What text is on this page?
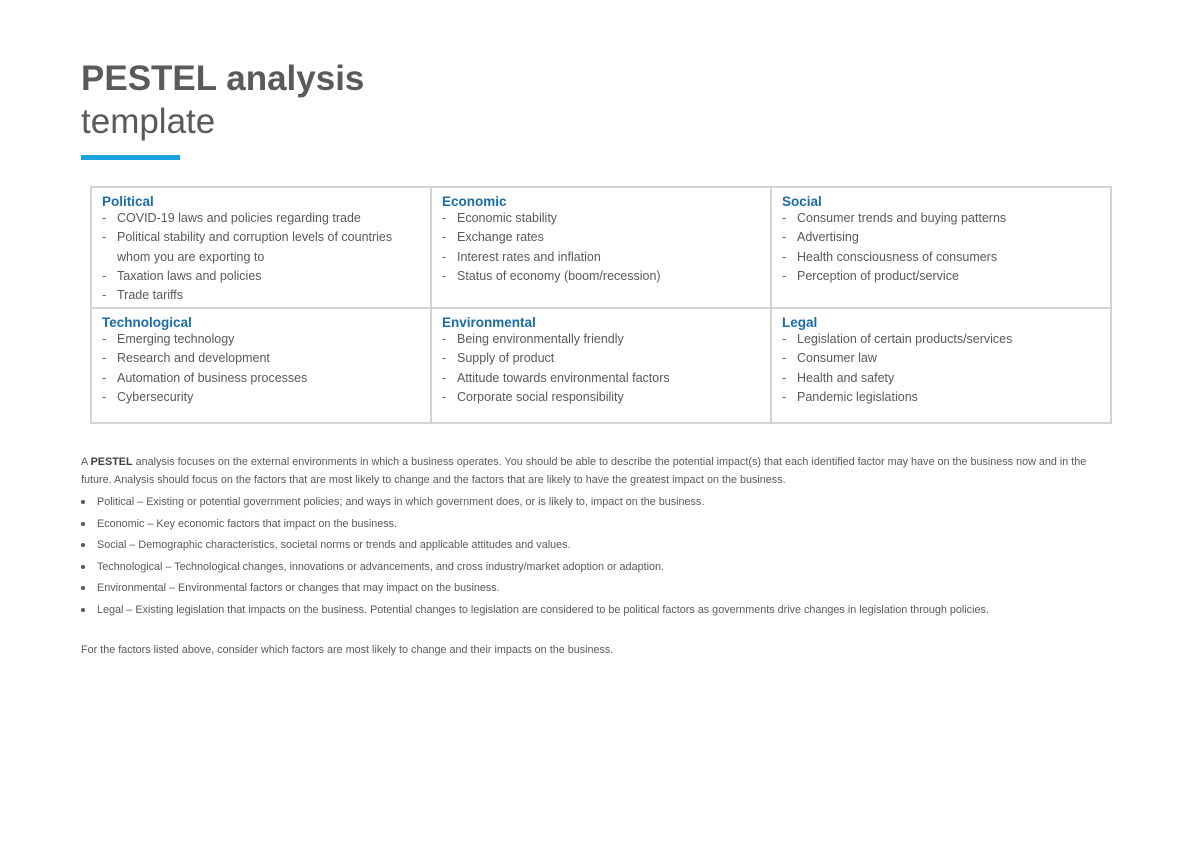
PESTEL analysis
template
Political
- COVID-19 laws and policies regarding trade
- Political stability and corruption levels of countries whom you are exporting to
- Taxation laws and policies
- Trade tariffs
Economic
- Economic stability
- Exchange rates
- Interest rates and inflation
- Status of economy (boom/recession)
Social
- Consumer trends and buying patterns
- Advertising
- Health consciousness of consumers
- Perception of product/service
Technological
- Emerging technology
- Research and development
- Automation of business processes
- Cybersecurity
Environmental
- Being environmentally friendly
- Supply of product
- Attitude towards environmental factors
- Corporate social responsibility
Legal
- Legislation of certain products/services
- Consumer law
- Health and safety
- Pandemic legislations

A PESTEL analysis focuses on the external environments in which a business operates. You should be able to describe the potential impact(s) that each identified factor may have on the business now and in the future. Analysis should focus on the factors that are most likely to change and the factors that are likely to have the greatest impact on the business.

Political – Existing or potential government policies; and ways in which government does, or is likely to, impact on the business.
Economic – Key economic factors that impact on the business.
Social – Demographic characteristics, societal norms or trends and applicable attitudes and values.
Technological – Technological changes, innovations or advancements, and cross industry/market adoption or adaption.
Environmental – Environmental factors or changes that may impact on the business.
Legal – Existing legislation that impacts on the business. Potential changes to legislation are considered to be political factors as governments drive changes in legislation through policies.
For the factors listed above, consider which factors are most likely to change and their impacts on the business.
